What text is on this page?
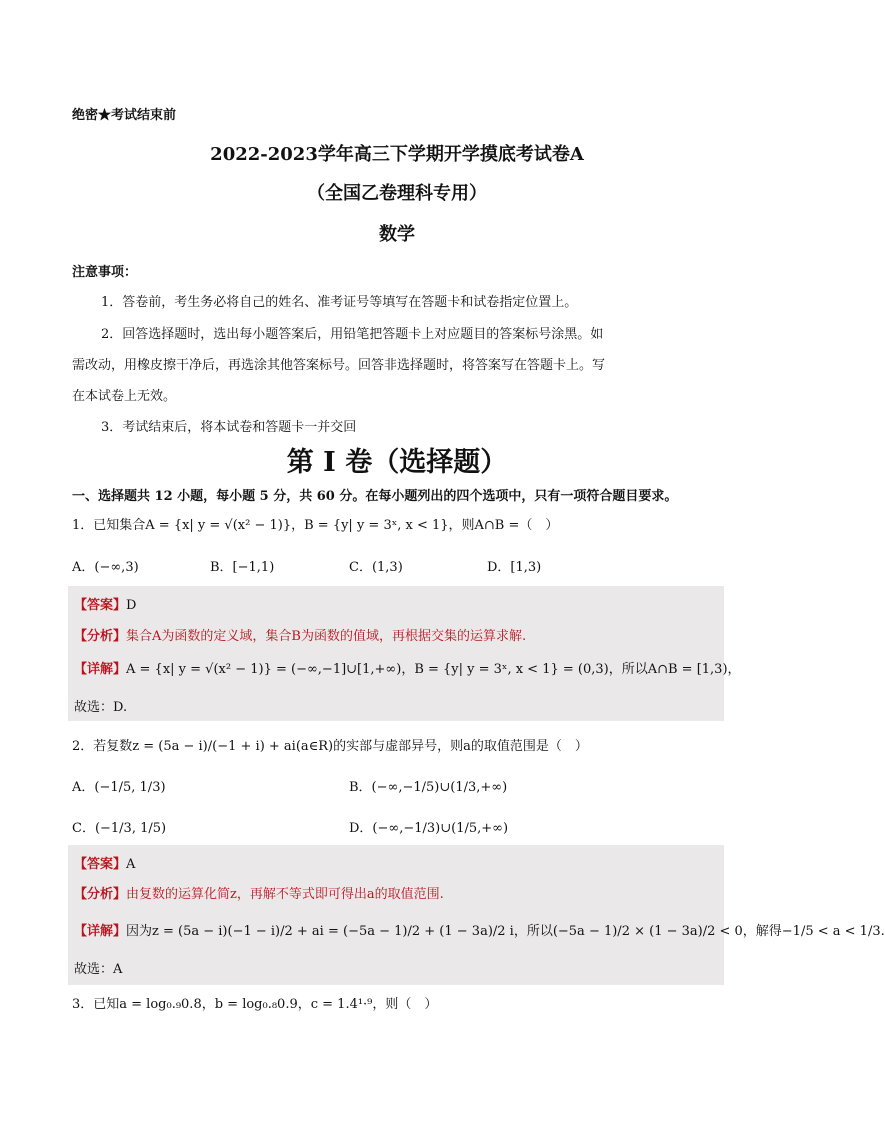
绝密★考试结束前
2022-2023学年高三下学期开学摸底考试卷A
（全国乙卷理科专用）
数学
注意事项：
1．答卷前，考生务必将自己的姓名、准考证号等填写在答题卡和试卷指定位置上。
2．回答选择题时，选出每小题答案后，用铅笔把答题卡上对应题目的答案标号涂黑。如
需改动，用橡皮擦干净后，再选涂其他答案标号。回答非选择题时，将答案写在答题卡上。写
在本试卷上无效。
3．考试结束后，将本试卷和答题卡一并交回
第 I 卷（选择题）
一、选择题共 12 小题，每小题 5 分，共 60 分。在每小题列出的四个选项中，只有一项符合题目要求。
1．已知集合A = {x| y = √(x² − 1)}，B = {y| y = 3ˣ, x < 1}，则A∩B =（　）
A．(−∞,3)	B．[−1,1)	C．(1,3)	D．[1,3)
【答案】D
【分析】集合A为函数的定义域，集合B为函数的值域，再根据交集的运算求解.
【详解】A = {x| y = √(x² − 1)} = (−∞,−1]∪[1,+∞)，B = {y| y = 3ˣ, x < 1} = (0,3)，所以A∩B = [1,3)，
故选：D.
2．若复数z = (5a − i)/(−1 + i) + ai(a∈R)的实部与虚部异号，则a的取值范围是（　）
A．(−1/5, 1/3)	B．(−∞,−1/5)∪(1/3,+∞)
C．(−1/3, 1/5)	D．(−∞,−1/3)∪(1/5,+∞)
【答案】A
【分析】由复数的运算化简z，再解不等式即可得出a的取值范围.
【详解】因为z = (5a − i)(−1 − i)/2 + ai = (−5a − 1)/2 + (1 − 3a)/2 i，所以(−5a − 1)/2 × (1 − 3a)/2 < 0，解得−1/5 < a < 1/3.
故选：A
3．已知a = log₀.₉0.8，b = log₀.₈0.9，c = 1.4¹·⁹，则（　）
